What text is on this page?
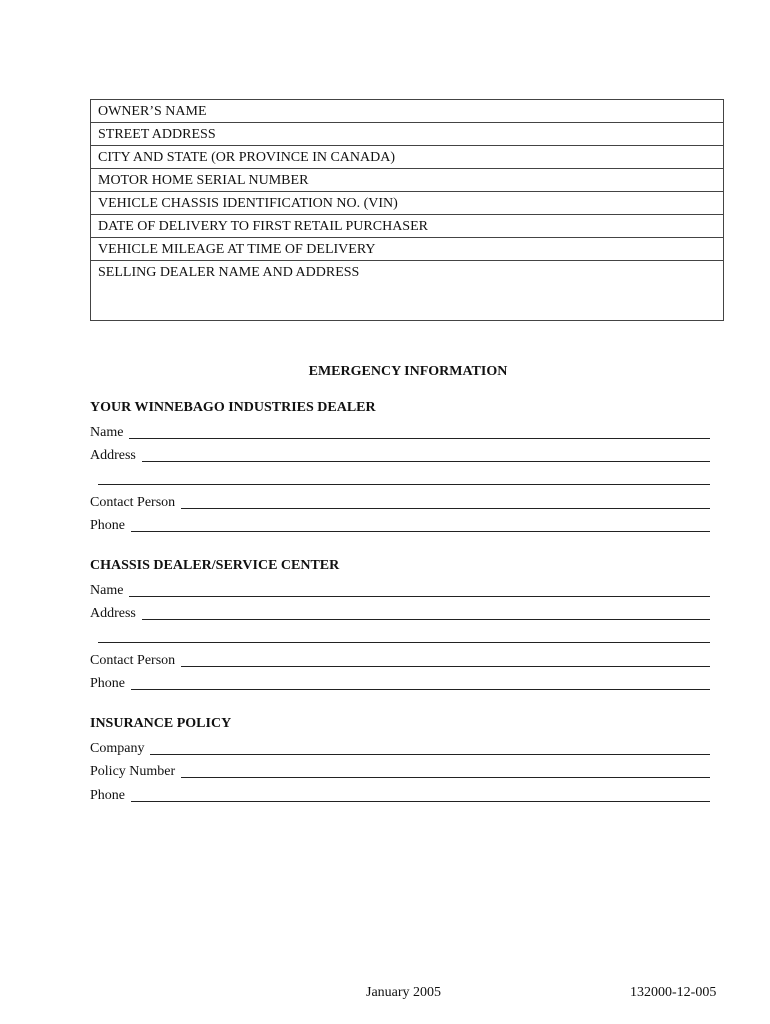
OWNER’S NAME
STREET ADDRESS
CITY AND STATE (OR PROVINCE IN CANADA)
MOTOR HOME SERIAL NUMBER
VEHICLE CHASSIS IDENTIFICATION NO. (VIN)
DATE OF DELIVERY TO FIRST RETAIL PURCHASER
VEHICLE MILEAGE AT TIME OF DELIVERY
SELLING DEALER NAME AND ADDRESS
EMERGENCY INFORMATION
YOUR WINNEBAGO INDUSTRIES DEALER
Name
Address
Contact Person
Phone
CHASSIS DEALER/SERVICE CENTER
Name
Address
Contact Person
Phone
INSURANCE POLICY
Company
Policy Number
Phone
January 2005	132000-12-005
